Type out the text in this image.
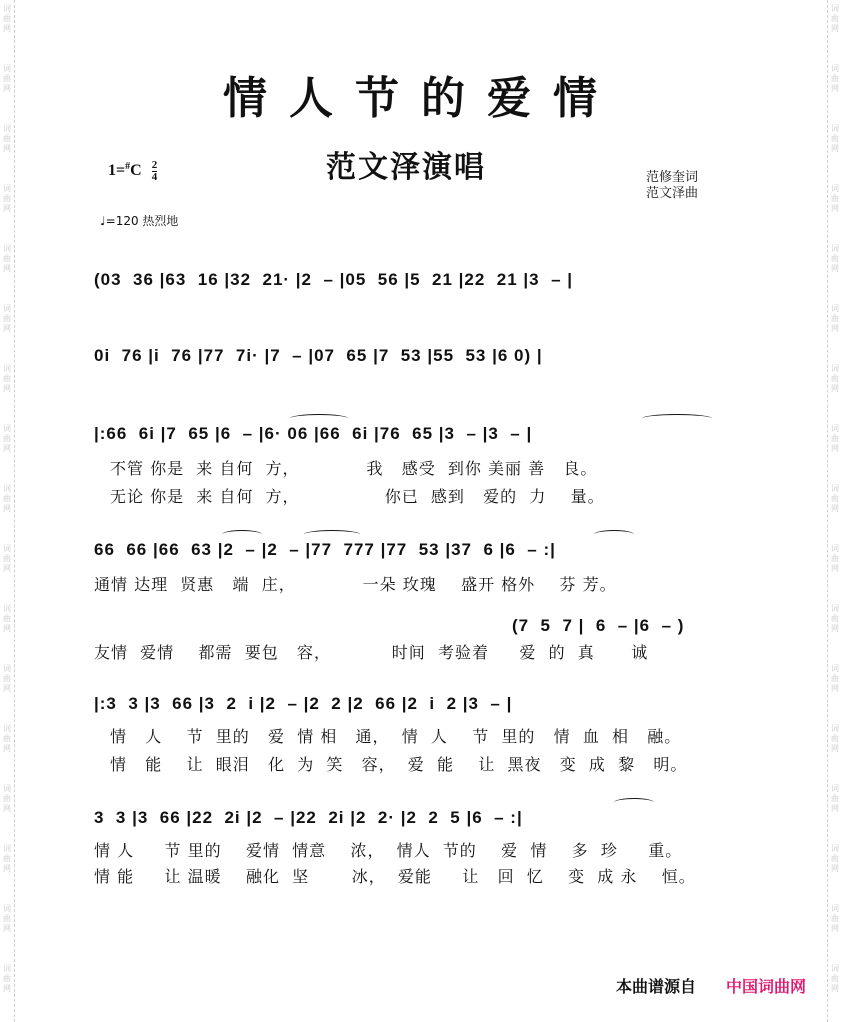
词
曲
网
词
曲
网
词
曲
网
词
曲
网
词
曲
网
词
曲
网
词
曲
网
词
曲
网
词
曲
网
词
曲
网
词
曲
网
词
曲
网
词
曲
网
词
曲
网
词
曲
网
词
曲
网
词
曲
网
词
曲
网
词
曲
网
词
曲
网
词
曲
网
词
曲
网
词
曲
网
词
曲
网
词
曲
网
词
曲
网
词
曲
网
词
曲
网
词
曲
网
词
曲
网
词
曲
网
词
曲
网
词
曲
网
词
曲
网
情人节的爱情
范文泽演唱
$1=^{\#}C \frac{2}{4}$	范修奎词
范文泽曲
♩=120 热烈地
(03  36 |63  16 |32  21· |2  – |05  56 |5  21 |22  21 |3  – |
0i  76 |i  76 |77  7i· |7  – |07  65 |7  53 |55  53 |6 0) |
|:66  6i |7  65 |6  – |6· 06 |66  6i |76  65 |3  – |3  – |
不管 你是  来 自何  方，           我   感受  到你 美丽 善   良。
无论 你是  来 自何  方，              你已  感到   爱的  力    量。
66  66 |66  63 |2  – |2  – |77  777 |77  53 |37  6 |6  – :|
通情 达理  贤惠   端  庄，           一朵 玫瑰    盛开 格外    芬 芳。
(7  5  7 |  6  – |6  – )
友情  爱情    都需  要包   容，          时间  考验着     爱  的  真      诚
|:3  3 |3  66 |3  2  i |2  – |2  2 |2  66 |2  i  2 |3  – |
情   人    节  里的   爱  情 相   通，  情  人    节  里的   情  血  相   融。
情   能    让  眼泪   化  为  笑   容，  爱  能    让  黑夜   变  成  黎   明。
3  3 |3  66 |22  2i |2  – |22  2i |2  2· |2  2  5 |6  – :|
情 人     节 里的    爱情  情意    浓，  情人  节的    爱  情    多  珍     重。
情 能     让 温暖    融化  坚       冰，  爱能     让   回  忆    变  成 永    恒。
本曲谱源自 中国词曲网
